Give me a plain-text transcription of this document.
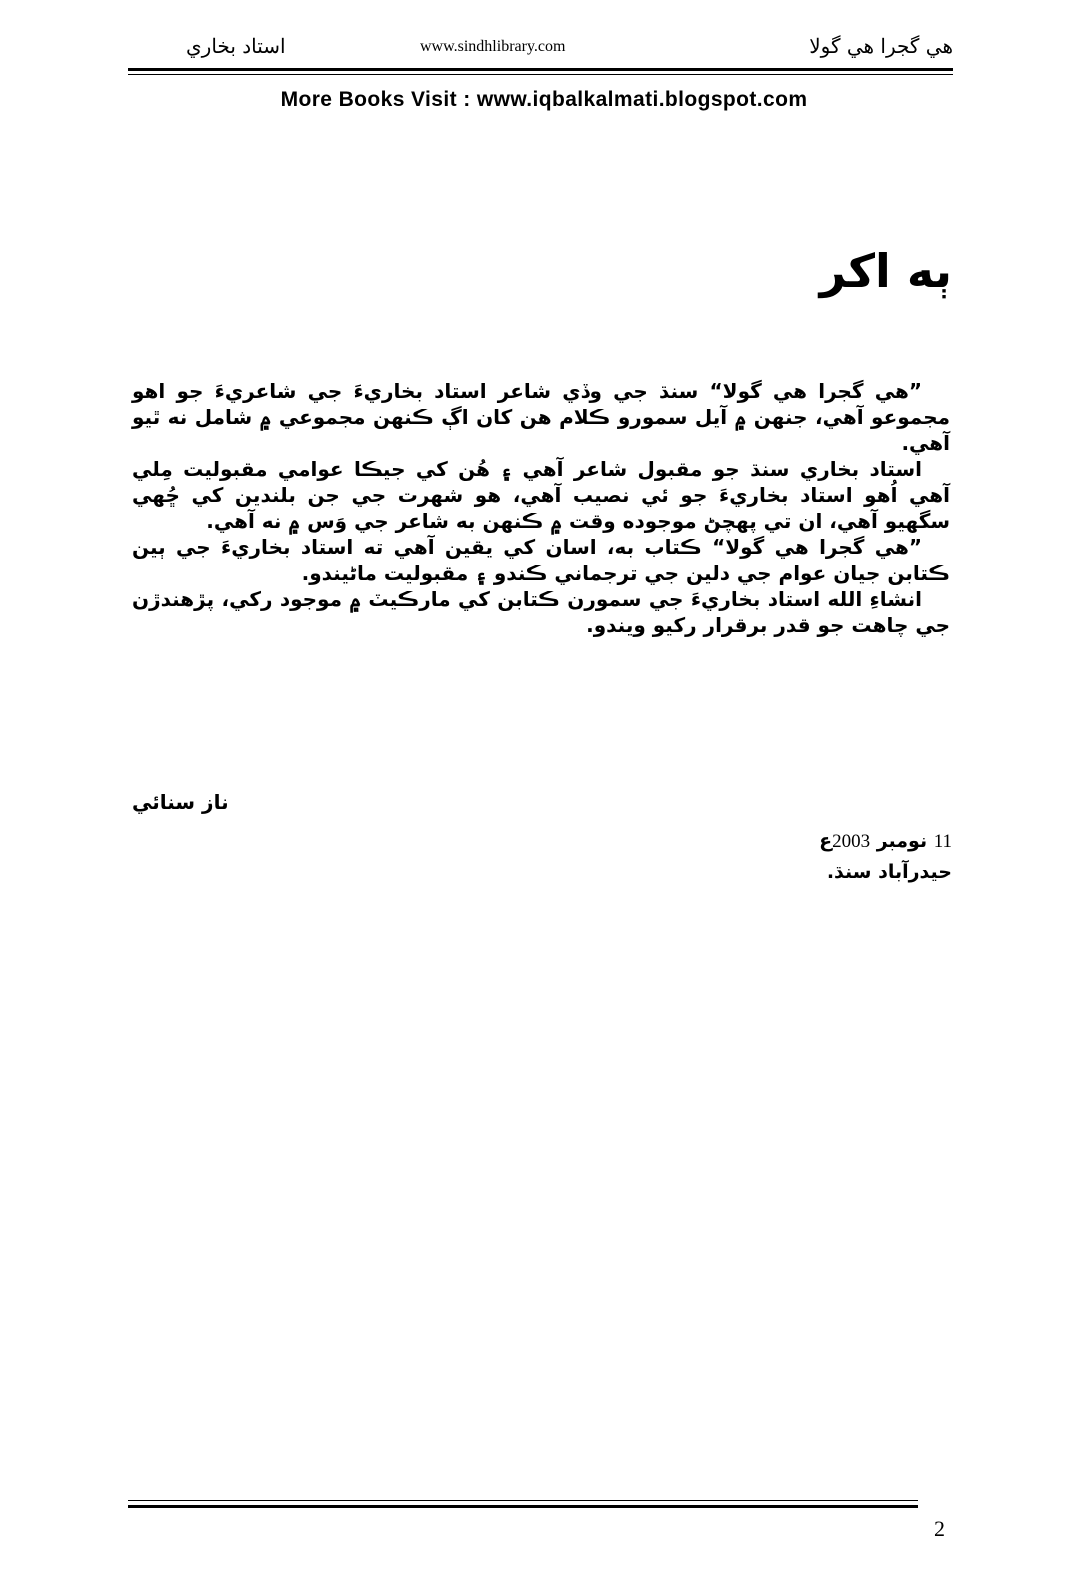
استاد بخاري	www.sindhlibrary.com	هي گجرا هي گولا
More Books Visit : www.iqbalkalmati.blogspot.com
ٻه اکر

”هي گجرا هي گولا“ سنڌ جي وڏي شاعر استاد بخاريءَ جي شاعريءَ جو اهو مجموعو آهي، جنهن ۾ آيل سمورو ڪلام هن کان اڳ ڪنهن مجموعي ۾ شامل نه ٿيو آهي.

استاد بخاري سنڌ جو مقبول شاعر آهي ۽ هُن کي جيڪا عوامي مقبوليت مِلي آهي اُهو استاد بخاريءَ جو ئي نصيب آهي، هو شهرت جي جن بلندين کي ڇُهي سگهيو آهي، ان تي پهچڻ موجوده وقت ۾ ڪنهن به شاعر جي وَس ۾ نه آهي.

”هي گجرا هي گولا“ ڪتاب به، اسان کي يقين آهي ته استاد بخاريءَ جي ٻين ڪتابن جيان عوام جي دلين جي ترجماني ڪندو ۽ مقبوليت ماڻيندو.

انشاءِ الله استاد بخاريءَ جي سمورن ڪتابن کي مارڪيٽ ۾ موجود رکي، پڙهندڙن جي چاهت جو قدر برقرار رکيو ويندو.

ناز سنائي
11 نومبر 2003ع
حيدرآباد سنڌ.
2
